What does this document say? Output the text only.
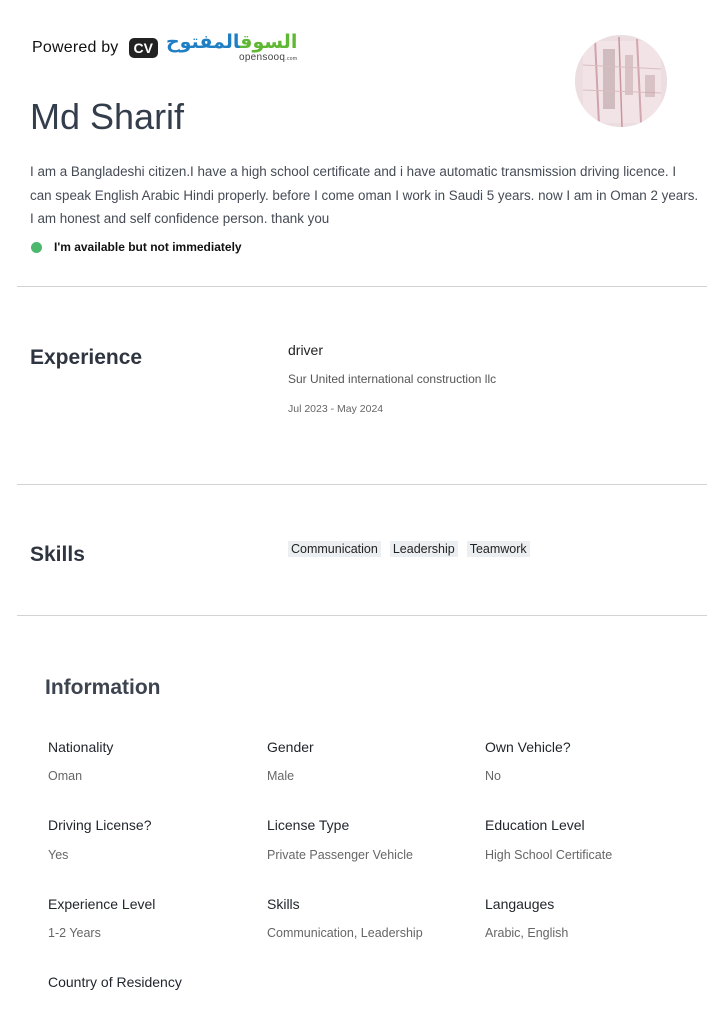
Powered by	CV	السوقالمفتوح
opensooq.com
Md Sharif

I am a Bangladeshi citizen.I have a high school certificate and i have automatic transmission driving licence. I can speak English Arabic Hindi properly. before I come oman I work in Saudi 5 years. now I am in Oman 2 years. I am honest and self confidence person. thank you

I'm available but not immediately
Experience	driver
Sur United international construction llc
Jul 2023 - May 2024
Skills	Communication Leadership Teamwork
Information
Nationality
Oman
Gender
Male
Own Vehicle?
No
Driving License?
Yes
License Type
Private Passenger Vehicle
Education Level
High School Certificate
Experience Level
1-2 Years
Skills
Communication, Leadership
Langauges
Arabic, English
Country of Residency
